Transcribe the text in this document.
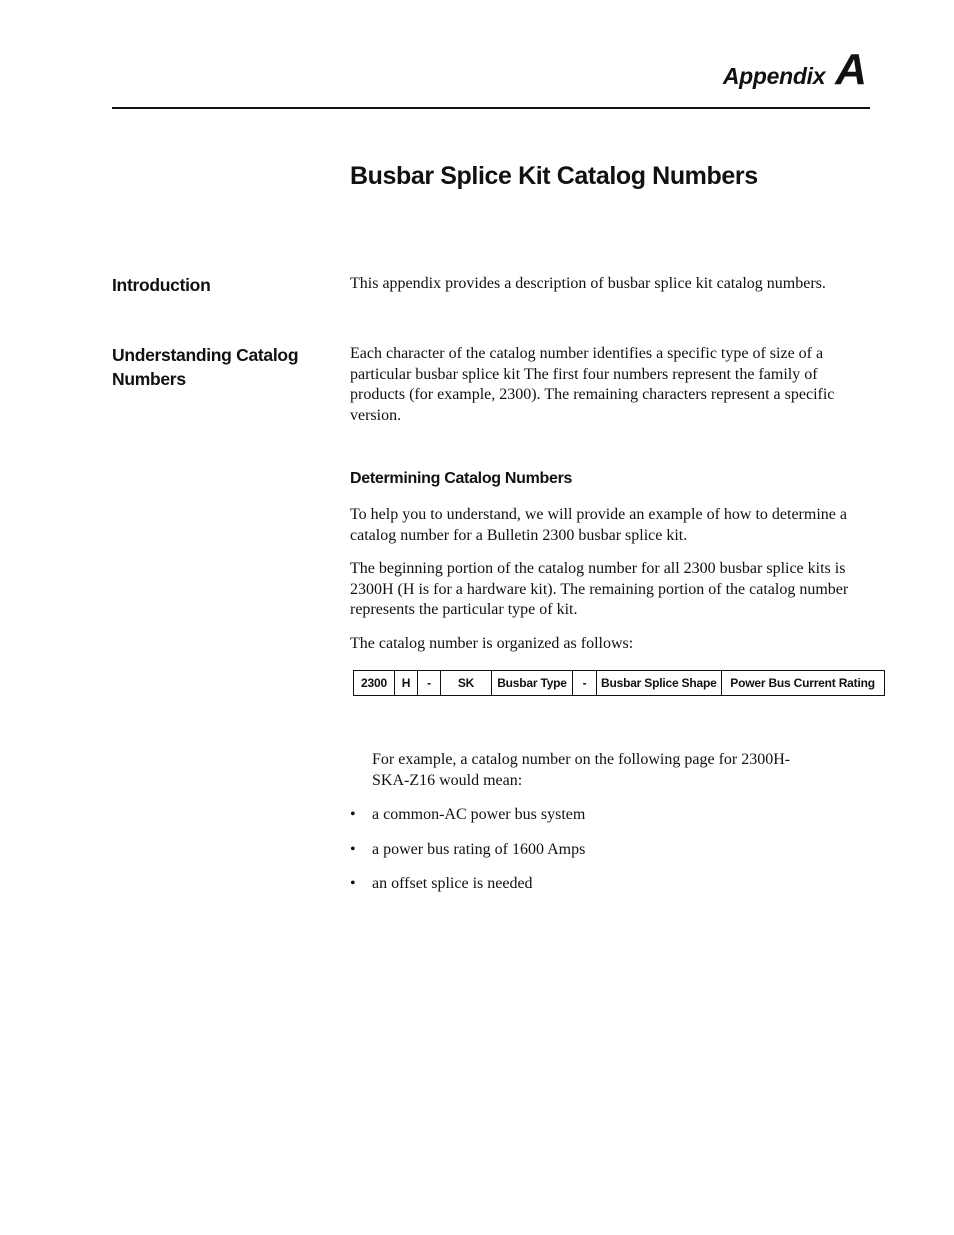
Appendix A
Busbar Splice Kit Catalog Numbers
Introduction	This appendix provides a description of busbar splice kit catalog numbers.

Understanding Catalog
Numbers

Each character of the catalog number identifies a specific type of size of a particular busbar splice kit The first four numbers represent the family of products (for example, 2300). The remaining characters represent a specific version.

Determining Catalog Numbers

To help you to understand, we will provide an example of how to determine a catalog number for a Bulletin 2300 busbar splice kit.

The beginning portion of the catalog number for all 2300 busbar splice kits is 2300H (H is for a hardware kit). The remaining portion of the catalog number represents the particular type of kit.

The catalog number is organized as follows:

2300	H	-	SK	Busbar Type	-	Busbar Splice Shape	Power Bus Current Rating

For example, a catalog number on the following page for 2300H-SKA-Z16 would mean:

•	a common-AC power bus system
•	a power bus rating of 1600 Amps
•	an offset splice is needed
